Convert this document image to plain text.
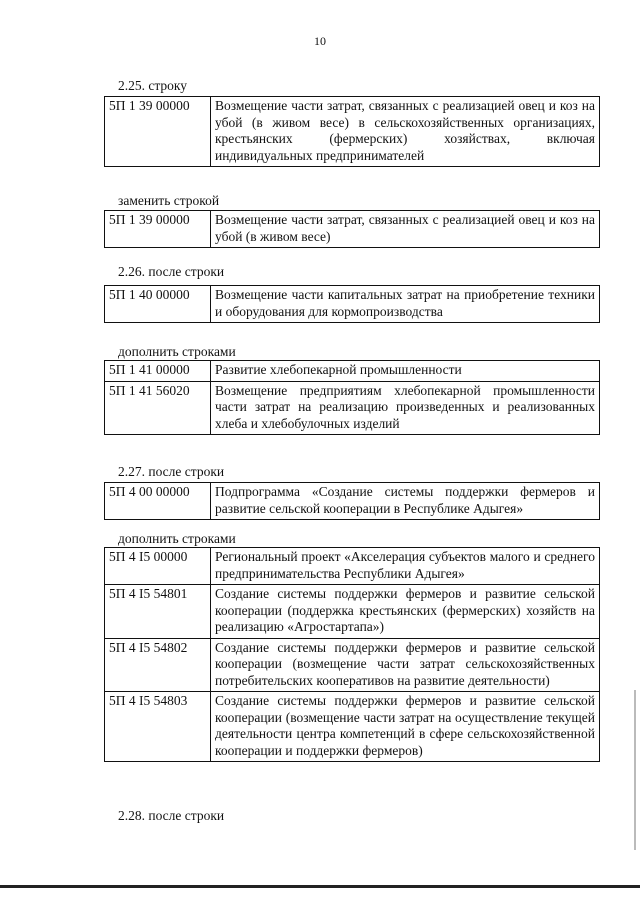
10
2.25. строку
5П 1 39 00000	Возмещение части затрат, связанных с реализацией овец и коз на убой (в живом весе) в сельскохозяйственных организациях, крестьянских (фермерских) хозяйствах, включая индивидуальных предпринимателей
заменить строкой
5П 1 39 00000	Возмещение части затрат, связанных с реализацией овец и коз на убой (в живом весе)
2.26. после строки
5П 1 40 00000	Возмещение части капитальных затрат на приобретение техники и оборудования для кормопроизводства
дополнить строками
5П 1 41 00000	Развитие хлебопекарной промышленности
5П 1 41 56020	Возмещение предприятиям хлебопекарной промышленности части затрат на реализацию произведенных и реализованных хлеба и хлебобулочных изделий
2.27. после строки
5П 4 00 00000	Подпрограмма «Создание системы поддержки фермеров и развитие сельской кооперации в Республике Адыгея»
дополнить строками
5П 4 I5 00000	Региональный проект «Акселерация субъектов малого и среднего предпринимательства Республики Адыгея»
5П 4 I5 54801	Создание системы поддержки фермеров и развитие сельской кооперации (поддержка крестьянских (фермерских) хозяйств на реализацию «Агростартапа»)
5П 4 I5 54802	Создание системы поддержки фермеров и развитие сельской кооперации (возмещение части затрат сельскохозяйственных потребительских кооперативов на развитие деятельности)
5П 4 I5 54803	Создание системы поддержки фермеров и развитие сельской кооперации (возмещение части затрат на осуществление текущей деятельности центра компетенций в сфере сельскохозяйственной кооперации и поддержки фермеров)
2.28. после строки
